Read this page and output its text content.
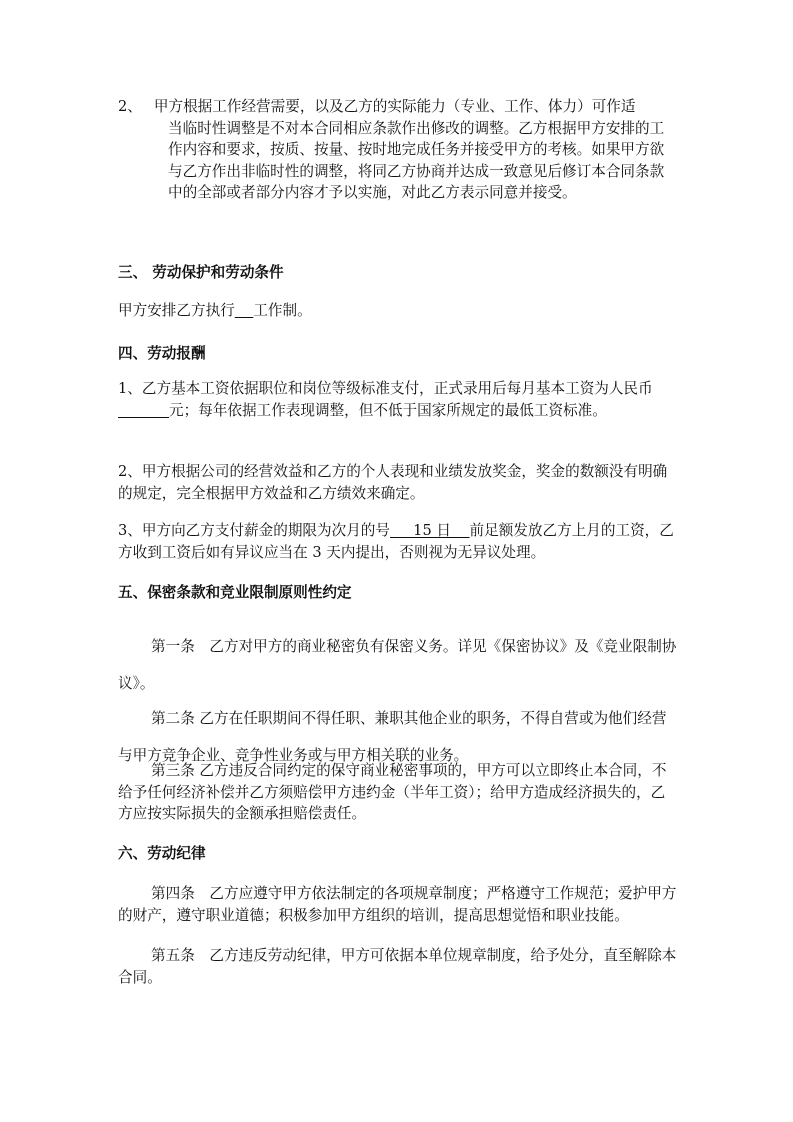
2、 甲方根据工作经营需要，以及乙方的实际能力（专业、工作、体力）可作适
当临时性调整是不对本合同相应条款作出修改的调整。乙方根据甲方安排的工作内容和要求，按质、按量、按时地完成任务并接受甲方的考核。如果甲方欲与乙方作出非临时性的调整，将同乙方协商并达成一致意见后修订本合同条款中的全部或者部分内容才予以实施，对此乙方表示同意并接受。
三、 劳动保护和劳动条件
甲方安排乙方执行 工作制。
四、劳动报酬
1、乙方基本工资依据职位和岗位等级标准支付，正式录用后每月基本工资为人民币           元；每年依据工作表现调整，但不低于国家所规定的最低工资标准。
2、甲方根据公司的经营效益和乙方的个人表现和业绩发放奖金，奖金的数额没有明确的规定，完全根据甲方效益和乙方绩效来确定。
3、甲方向乙方支付薪金的期限为次月的号     15 日    前足额发放乙方上月的工资，乙方收到工资后如有异议应当在 3 天内提出，否则视为无异议处理。
五、保密条款和竞业限制原则性约定
第一条　乙方对甲方的商业秘密负有保密义务。详见《保密协议》及《竞业限制协议》。
第二条 乙方在任职期间不得任职、兼职其他企业的职务，不得自营或为他们经营与甲方竞争企业、竞争性业务或与甲方相关联的业务。
第三条 乙方违反合同约定的保守商业秘密事项的，甲方可以立即终止本合同，不给予任何经济补偿并乙方须赔偿甲方违约金（半年工资）；给甲方造成经济损失的，乙方应按实际损失的金额承担赔偿责任。
六、劳动纪律
第四条　乙方应遵守甲方依法制定的各项规章制度；严格遵守工作规范；爱护甲方的财产，遵守职业道德；积极参加甲方组织的培训，提高思想觉悟和职业技能。
第五条　乙方违反劳动纪律，甲方可依据本单位规章制度，给予处分，直至解除本合同。
